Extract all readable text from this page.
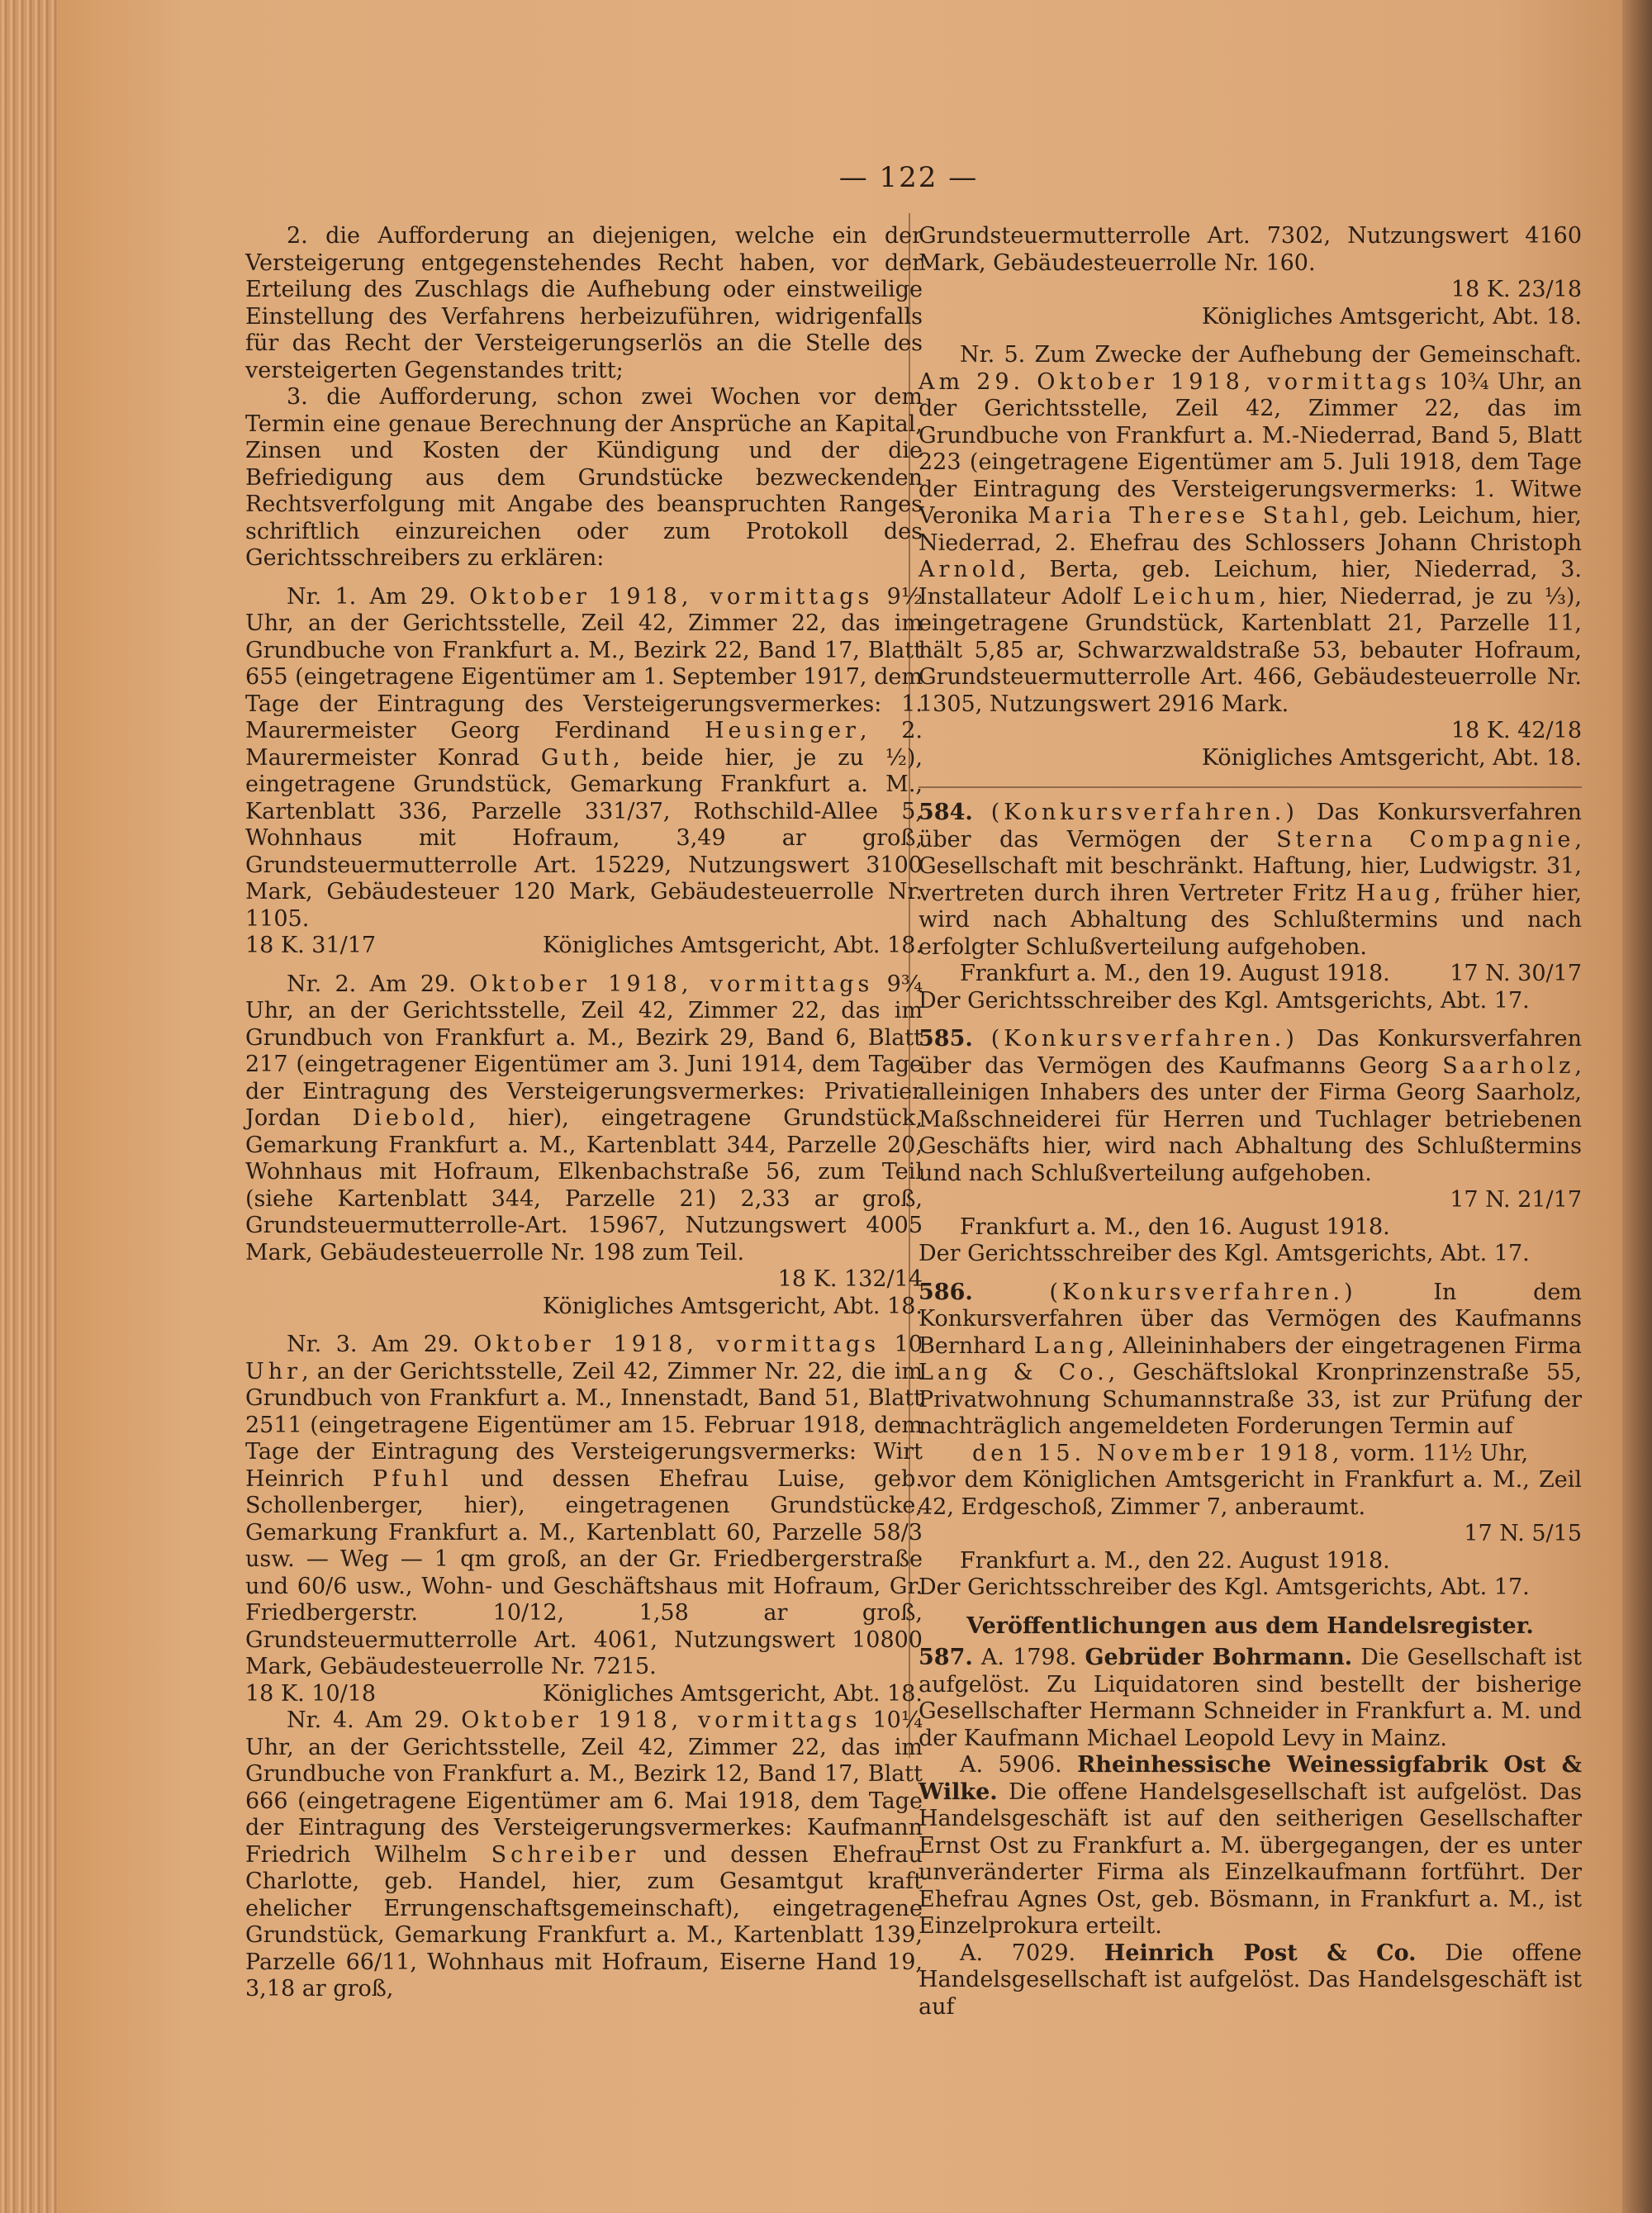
— 122 —

2. die Aufforderung an diejenigen, welche ein der Versteigerung entgegenstehendes Recht haben, vor der Erteilung des Zuschlags die Aufhebung oder einstweilige Einstellung des Verfahrens herbeizuführen, widrigenfalls für das Recht der Versteigerungserlös an die Stelle des versteigerten Gegenstandes tritt;

3. die Aufforderung, schon zwei Wochen vor dem Termin eine genaue Berechnung der Ansprüche an Kapital, Zinsen und Kosten der Kündigung und der die Befriedigung aus dem Grundstücke bezweckenden Rechtsverfolgung mit Angabe des beanspruchten Ranges schriftlich einzureichen oder zum Protokoll des Gerichtsschreibers zu erklären:

Nr. 1. Am 29. Oktober 1918, vormittags 9½ Uhr, an der Gerichtsstelle, Zeil 42, Zimmer 22, das im Grundbuche von Frankfurt a. M., Bezirk 22, Band 17, Blatt 655 (eingetragene Eigentümer am 1. September 1917, dem Tage der Eintragung des Versteigerungsvermerkes: 1. Maurermeister Georg Ferdinand Heusinger, 2. Maurermeister Konrad Guth, beide hier, je zu ½), eingetragene Grundstück, Gemarkung Frankfurt a. M., Kartenblatt 336, Parzelle 331/37, Rothschild-Allee 5, Wohnhaus mit Hofraum, 3,49 ar groß, Grundsteuermutterrolle Art. 15229, Nutzungswert 3100 Mark, Gebäudesteuer 120 Mark, Gebäudesteuerrolle Nr. 1105.

18 K. 31/17	Königliches Amtsgericht, Abt. 18.

Nr. 2. Am 29. Oktober 1918, vormittags 9¾ Uhr, an der Gerichtsstelle, Zeil 42, Zimmer 22, das im Grundbuch von Frankfurt a. M., Bezirk 29, Band 6, Blatt 217 (eingetragener Eigentümer am 3. Juni 1914, dem Tage der Eintragung des Versteigerungsvermerkes: Privatier Jordan Diebold, hier), eingetragene Grundstück, Gemarkung Frankfurt a. M., Kartenblatt 344, Parzelle 20, Wohnhaus mit Hofraum, Elkenbachstraße 56, zum Teil (siehe Kartenblatt 344, Parzelle 21) 2,33 ar groß, Grundsteuermutterrolle-Art. 15967, Nutzungswert 4005 Mark, Gebäudesteuerrolle Nr. 198 zum Teil.

18 K. 132/14

Königliches Amtsgericht, Abt. 18.

Nr. 3. Am 29. Oktober 1918, vormittags 10 Uhr, an der Gerichtsstelle, Zeil 42, Zimmer Nr. 22, die im Grundbuch von Frankfurt a. M., Innenstadt, Band 51, Blatt 2511 (eingetragene Eigentümer am 15. Februar 1918, dem Tage der Eintragung des Versteigerungsvermerks: Wirt Heinrich Pfuhl und dessen Ehefrau Luise, geb. Schollenberger, hier), eingetragenen Grundstücke, Gemarkung Frankfurt a. M., Kartenblatt 60, Parzelle 58/3 usw. — Weg — 1 qm groß, an der Gr. Friedbergerstraße und 60/6 usw., Wohn- und Geschäftshaus mit Hofraum, Gr. Friedbergerstr. 10/12, 1,58 ar groß, Grundsteuermutterrolle Art. 4061, Nutzungswert 10800 Mark, Gebäudesteuerrolle Nr. 7215.

18 K. 10/18	Königliches Amtsgericht, Abt. 18.

Nr. 4. Am 29. Oktober 1918, vormittags 10¼ Uhr, an der Gerichtsstelle, Zeil 42, Zimmer 22, das im Grundbuche von Frankfurt a. M., Bezirk 12, Band 17, Blatt 666 (eingetragene Eigentümer am 6. Mai 1918, dem Tage der Eintragung des Versteigerungsvermerkes: Kaufmann Friedrich Wilhelm Schreiber und dessen Ehefrau Charlotte, geb. Handel, hier, zum Gesamtgut kraft ehelicher Errungenschaftsgemeinschaft), eingetragene Grundstück, Gemarkung Frankfurt a. M., Kartenblatt 139, Parzelle 66/11, Wohnhaus mit Hofraum, Eiserne Hand 19, 3,18 ar groß,

Grundsteuermutterrolle Art. 7302, Nutzungswert 4160 Mark, Gebäudesteuerrolle Nr. 160.

18 K. 23/18

Königliches Amtsgericht, Abt. 18.

Nr. 5. Zum Zwecke der Aufhebung der Gemeinschaft. Am 29. Oktober 1918, vormittags 10¾ Uhr, an der Gerichtsstelle, Zeil 42, Zimmer 22, das im Grundbuche von Frankfurt a. M.-Niederrad, Band 5, Blatt 223 (eingetragene Eigentümer am 5. Juli 1918, dem Tage der Eintragung des Versteigerungsvermerks: 1. Witwe Veronika Maria Therese Stahl, geb. Leichum, hier, Niederrad, 2. Ehefrau des Schlossers Johann Christoph Arnold, Berta, geb. Leichum, hier, Niederrad, 3. Installateur Adolf Leichum, hier, Niederrad, je zu ⅓), eingetragene Grundstück, Kartenblatt 21, Parzelle 11, hält 5,85 ar, Schwarzwaldstraße 53, bebauter Hofraum, Grundsteuermutterrolle Art. 466, Gebäudesteuerrolle Nr. 1305, Nutzungswert 2916 Mark.

18 K. 42/18

Königliches Amtsgericht, Abt. 18.

584. (Konkursverfahren.) Das Konkursverfahren über das Vermögen der Sterna Compagnie, Gesellschaft mit beschränkt. Haftung, hier, Ludwigstr. 31, vertreten durch ihren Vertreter Fritz Haug, früher hier, wird nach Abhaltung des Schlußtermins und nach erfolgter Schlußverteilung aufgehoben.

Frankfurt a. M., den 19. August 1918.	17 N. 30/17

Der Gerichtsschreiber des Kgl. Amtsgerichts, Abt. 17.

585. (Konkursverfahren.) Das Konkursverfahren über das Vermögen des Kaufmanns Georg Saarholz, alleinigen Inhabers des unter der Firma Georg Saarholz, Maßschneiderei für Herren und Tuchlager betriebenen Geschäfts hier, wird nach Abhaltung des Schlußtermins und nach Schlußverteilung aufgehoben.

17 N. 21/17

Frankfurt a. M., den 16. August 1918.

Der Gerichtsschreiber des Kgl. Amtsgerichts, Abt. 17.

586.	(Konkursverfahren.) In dem Konkursverfahren über das Vermögen des Kaufmanns Bernhard Lang, Alleininhabers der eingetragenen Firma Lang & Co., Geschäftslokal Kronprinzenstraße 55, Privatwohnung Schumannstraße 33, ist zur Prüfung der nachträglich angemeldeten Forderungen Termin auf

den 15. November 1918, vorm. 11½ Uhr,

vor dem Königlichen Amtsgericht in Frankfurt a. M., Zeil 42, Erdgeschoß, Zimmer 7, anberaumt.

17 N. 5/15

Frankfurt a. M., den 22. August 1918.

Der Gerichtsschreiber des Kgl. Amtsgerichts, Abt. 17.

Veröffentlichungen aus dem Handelsregister.

587. A. 1798. Gebrüder Bohrmann. Die Gesellschaft ist aufgelöst. Zu Liquidatoren sind bestellt der bisherige Gesellschafter Hermann Schneider in Frankfurt a. M. und der Kaufmann Michael Leopold Levy in Mainz.

A. 5906. Rheinhessische Weinessigfabrik Ost & Wilke. Die offene Handelsgesellschaft ist aufgelöst. Das Handelsgeschäft ist auf den seitherigen Gesellschafter Ernst Ost zu Frankfurt a. M. übergegangen, der es unter unveränderter Firma als Einzelkaufmann fortführt. Der Ehefrau Agnes Ost, geb. Bösmann, in Frankfurt a. M., ist Einzelprokura erteilt.

A. 7029. Heinrich Post & Co. Die offene Handelsgesellschaft ist aufgelöst. Das Handelsgeschäft ist auf
